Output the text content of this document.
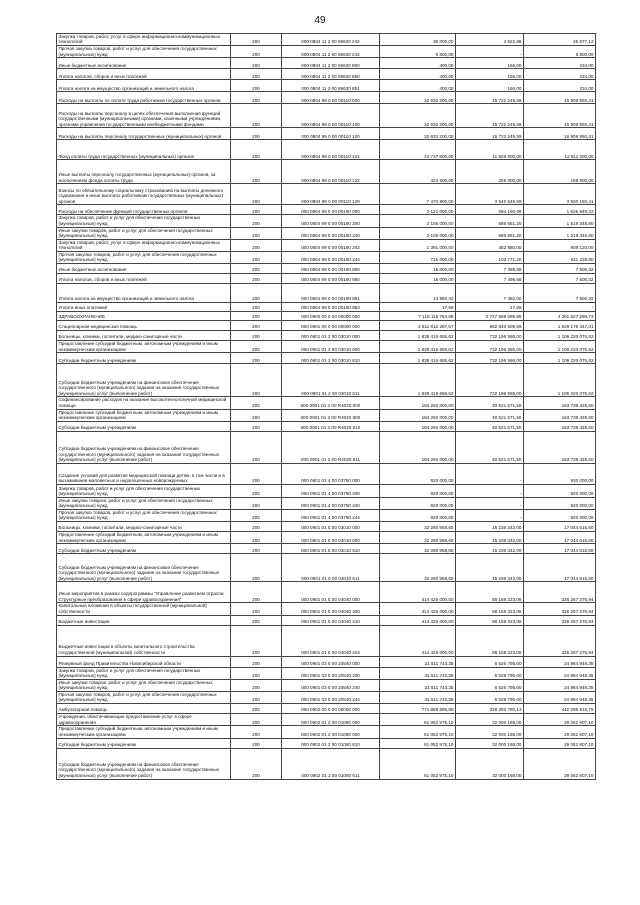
49
Закупка товаров, работ, услуг в сфере информационно-коммуникационных технологий	200	000 0804 11 2 00 59630 242	30 000,00	4 522,88	25 877,12
Прочая закупка товаров, работ и услуг для обеспечения государственных (муниципальных) нужд	200	000 0804 11 2 00 59630 244	5 800,00	-	5 800,00
Иные бюджетные ассигнования	200	000 0804 11 2 00 59630 800	400,00	166,00	234,00
Уплата налогов, сборов и иных платежей	200	000 0804 11 2 00 59630 850	400,00	166,00	234,00
Уплата налога на имущество организаций и земельного налога	200	000 0804 11 2 00 59630 851	400,00	166,00	234,00
Расходы на выплаты по оплате труда работников государственных органов	200	000 0804 99 0 00 00110 000	32 632 200,00	15 722 249,59	16 909 950,41
Расходы на выплаты персоналу в целях обеспечения выполнения функций государственными (муниципальными) органами, казенными учреждениями, органами управления государственными внебюджетными фондами	200	000 0804 99 0 00 00110 100	32 632 200,00	15 722 249,59	16 909 950,41
Расходы на выплаты персоналу государственных (муниципальных) органов	200	000 0804 99 0 00 00110 120	32 632 200,00	15 722 249,59	16 909 950,41
Фонд оплаты труда государственных (муниципальных) органов	200	000 0804 99 0 00 00110 121	24 737 800,00	11 926 600,00	12 811 200,00
Иные выплаты персоналу государственных (муниципальных) органов, за исключением фонда оплаты труда	200	000 0804 99 0 00 00110 122	423 600,00	255 000,00	168 600,00
Взносы по обязательному социальному страхованию на выплаты денежного содержания и иные выплаты работникам государственных (муниципальных) органов	200	000 0804 99 0 00 00110 129	7 470 800,00	3 540 649,59	3 930 150,41
Расходы на обеспечение функций государственных органов	200	000 0804 99 0 00 00190 000	2 121 000,00	594 150,68	1 526 849,32
Закупка товаров, работ и услуг для обеспечения государственных (муниципальных) нужд	200	000 0804 99 0 00 00190 200	2 106 000,00	586 651,20	1 519 348,80
Иные закупки товаров, работ и услуг для обеспечения государственных (муниципальных) нужд	200	000 0804 99 0 00 00190 240	2 106 000,00	586 651,20	1 519 348,80
Закупка товаров, работ, услуг в сфере информационно-коммуникационных технологий	200	000 0804 99 0 00 00190 242	1 391 000,00	482 880,00	908 120,00
Прочая закупка товаров, работ и услуг для обеспечения государственных (муниципальных) нужд	200	000 0804 99 0 00 00190 244	715 000,00	103 771,20	611 228,80
Иные бюджетные ассигнования	200	000 0804 99 0 00 00190 800	15 000,00	7 499,68	7 500,32
Уплата налогов, сборов и иных платежей	200	000 0804 99 0 00 00190 850	15 000,00	7 499,68	7 500,32
Уплата налога на имущество организаций и земельного налога	200	000 0804 99 0 00 00190 851	14 982,32	7 482,00	7 500,32
Уплата иных платежей	200	000 0804 99 0 00 00190 853	17,68	17,68	-
ЗДРАВООХРАНЕНИЕ	200	000 0900 00 0 00 00000 000	7 119 118 784,68	2 727 589 095,95	4 391 527 288,73
Стационарная медицинская помощь	200	000 0901 00 0 00 00000 000	2 511 812 287,57	882 640 509,59	1 629 175 347,01
Больницы, клиники, госпитали, медико-санитарные части	200	000 0901 01 2 00 03010 000	1 838 416 655,62	732 196 586,00	1 106 220 075,62
Предоставление субсидий бюджетным, автономным учреждениям и иным некоммерческим организациям	200	000 0901 01 2 00 03010 600	1 838 416 655,62	732 196 586,00	1 106 220 075,62
Субсидии бюджетным учреждениям	200	000 0901 01 2 00 03010 610	1 838 416 655,62	732 196 586,00	1 106 220 075,62
Субсидии бюджетным учреждениям на финансовое обеспечение государственного (муниципального) задания на оказание государственных (муниципальных) услуг (выполнение работ)	200	000 0901 01 2 00 03010 611	1 838 416 655,62	732 196 586,00	1 106 220 075,62
Софинансирование расходов на оказание высокотехнологичной медицинской помощи	200	000 0901 01 2 00 R4020 000	194 260 000,00	40 521 671,50	153 738 428,50
Предоставление субсидий бюджетным, автономным учреждениям и иным некоммерческим организациям	200	000 0901 01 2 00 R4020 600	194 260 000,00	40 521 671,50	153 738 428,50
Субсидии бюджетным учреждениям	200	000 0901 01 2 00 R4020 610	194 260 000,00	40 521 671,50	153 738 428,50
Субсидии бюджетным учреждениям на финансовое обеспечение государственного (муниципального) задания на оказание государственных (муниципальных) услуг (выполнение работ)	200	000 0901 01 2 00 R4020 611	194 260 000,00	40 521 671,50	153 738 428,50
Создание условий для развития медицинской помощи детям, в том числе и в выхаживании маловесных и недоношенных новорожденных	200	000 0901 01 4 00 03750 000	920 000,00	-	920 000,00
Закупка товаров, работ и услуг для обеспечения государственных (муниципальных) нужд	200	000 0901 01 4 00 03750 200	920 000,00	-	920 000,00
Иные закупки товаров, работ и услуг для обеспечения государственных (муниципальных) нужд	200	000 0901 01 4 00 03750 240	920 000,00	-	920 000,00
Прочая закупка товаров, работ и услуг для обеспечения государственных (муниципальных) нужд	200	000 0901 01 4 00 03750 244	920 000,00	-	920 000,00
Больницы, клиники, госпитали, медико-санитарные части	200	000 0901 01 5 00 03010 000	32 280 958,60	15 236 342,00	17 044 616,60
Предоставление субсидий бюджетным, автономным учреждениям и иным некоммерческим организациям	200	000 0901 01 5 00 03010 600	32 280 958,60	15 236 342,00	17 044 616,60
Субсидии бюджетным учреждениям	200	000 0901 01 5 00 03010 610	32 280 958,60	15 236 342,00	17 044 616,60
Субсидии бюджетным учреждениям на финансовое обеспечение государственного (муниципального) задания на оказание государственных (муниципальных) услуг (выполнение работ)	200	000 0901 01 5 00 03010 611	32 280 958,60	15 236 342,00	17 044 616,60
Иные мероприятия в рамках подпрограммы "Управление развитием отрасли. Структурные преобразования в сфере здравоохранения"	200	000 0901 01 5 00 04040 000	414 426 000,00	88 159 323,06	326 267 276,94
Капитальные вложения в объекты государственной (муниципальной) собственности	200	000 0901 01 5 00 04040 400	414 426 000,00	88 159 323,06	326 267 276,94
Бюджетные инвестиции	200	000 0901 01 5 00 04040 410	414 426 000,00	88 159 323,06	326 267 276,94
Бюджетные инвестиции в объекты капитального строительства государственной (муниципальной) собственности	200	000 0901 01 5 00 04040 414	414 426 000,00	88 159 323,06	326 267 276,94
Резервный фонд Правительства Новосибирской области	200	000 0901 03 0 00 20540 000	31 511 743,35	6 526 795,00	24 984 948,35
Закупка товаров, работ и услуг для обеспечения государственных (муниципальных) нужд	200	000 0901 03 0 00 20540 200	31 511 743,35	6 526 795,00	24 984 948,35
Иные закупки товаров, работ и услуг для обеспечения государственных (муниципальных) нужд	200	000 0901 03 0 00 20540 240	31 511 743,35	6 526 795,00	24 984 948,35
Прочая закупка товаров, работ и услуг для обеспечения государственных (муниципальных) нужд	200	000 0901 03 0 00 20540 244	31 511 743,35	6 526 795,00	24 984 948,35
Амбулаторная помощь	200	000 0902 00 0 00 00000 000	771 889 595,88	329 392 780,13	442 096 815,75
Учреждения, обеспечивающие предоставление услуг в сфере здравоохранения	200	000 0902 01 2 00 01080 000	61 052 975,10	32 000 168,00	29 052 807,10
Предоставление субсидий бюджетным, автономным учреждениям и иным некоммерческим организациям	200	000 0902 01 2 00 01080 600	61 052 975,10	32 000 168,00	29 052 807,10
Субсидии бюджетным учреждениям	200	000 0902 01 2 00 01080 610	61 052 975,10	32 000 168,00	29 052 807,10
Субсидии бюджетным учреждениям на финансовое обеспечение государственного (муниципального) задания на оказание государственных (муниципальных) услуг (выполнение работ)	200	000 0902 01 2 00 01080 611	61 052 975,10	32 000 168,00	29 052 807,10
